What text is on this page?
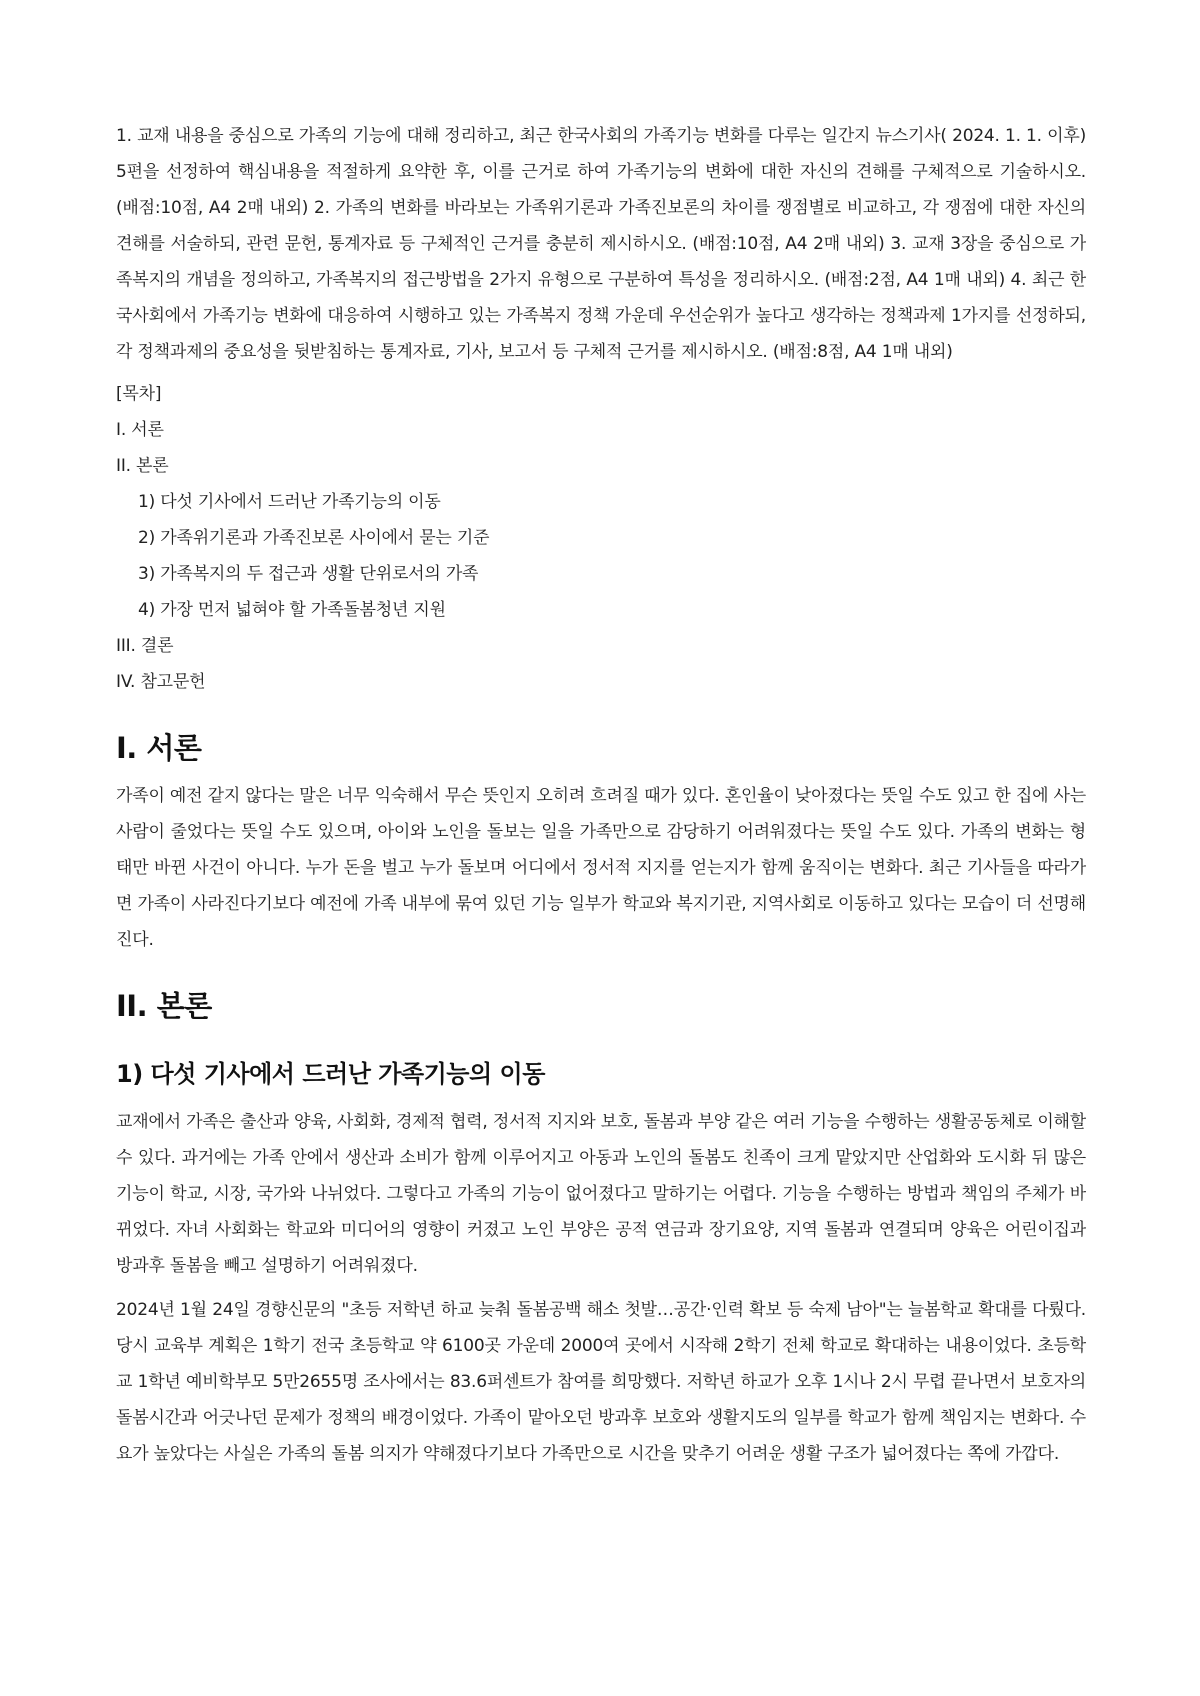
1. 교재 내용을 중심으로 가족의 기능에 대해 정리하고, 최근 한국사회의 가족기능 변화를 다루는 일간지 뉴스기사( 2024. 1. 1. 이후) 5편을 선정하여 핵심내용을 적절하게 요약한 후, 이를 근거로 하여 가족기능의 변화에 대한 자신의 견해를 구체적으로 기술하시오. (배점:10점, A4 2매 내외) 2. 가족의 변화를 바라보는 가족위기론과 가족진보론의 차이를 쟁점별로 비교하고, 각 쟁점에 대한 자신의 견해를 서술하되, 관련 문헌, 통계자료 등 구체적인 근거를 충분히 제시하시오. (배점:10점, A4 2매 내외) 3. 교재 3장을 중심으로 가족복지의 개념을 정의하고, 가족복지의 접근방법을 2가지 유형으로 구분하여 특성을 정리하시오. (배점:2점, A4 1매 내외) 4. 최근 한국사회에서 가족기능 변화에 대응하여 시행하고 있는 가족복지 정책 가운데 우선순위가 높다고 생각하는 정책과제 1가지를 선정하되, 각 정책과제의 중요성을 뒷받침하는 통계자료, 기사, 보고서 등 구체적 근거를 제시하시오. (배점:8점, A4 1매 내외)

[목차]

I. 서론

II. 본론

1) 다섯 기사에서 드러난 가족기능의 이동

2) 가족위기론과 가족진보론 사이에서 묻는 기준

3) 가족복지의 두 접근과 생활 단위로서의 가족

4) 가장 먼저 넓혀야 할 가족돌봄청년 지원

III. 결론

IV. 참고문헌

I. 서론

가족이 예전 같지 않다는 말은 너무 익숙해서 무슨 뜻인지 오히려 흐려질 때가 있다. 혼인율이 낮아졌다는 뜻일 수도 있고 한 집에 사는 사람이 줄었다는 뜻일 수도 있으며, 아이와 노인을 돌보는 일을 가족만으로 감당하기 어려워졌다는 뜻일 수도 있다. 가족의 변화는 형태만 바뀐 사건이 아니다. 누가 돈을 벌고 누가 돌보며 어디에서 정서적 지지를 얻는지가 함께 움직이는 변화다. 최근 기사들을 따라가면 가족이 사라진다기보다 예전에 가족 내부에 묶여 있던 기능 일부가 학교와 복지기관, 지역사회로 이동하고 있다는 모습이 더 선명해진다.

II. 본론
1) 다섯 기사에서 드러난 가족기능의 이동

교재에서 가족은 출산과 양육, 사회화, 경제적 협력, 정서적 지지와 보호, 돌봄과 부양 같은 여러 기능을 수행하는 생활공동체로 이해할 수 있다. 과거에는 가족 안에서 생산과 소비가 함께 이루어지고 아동과 노인의 돌봄도 친족이 크게 맡았지만 산업화와 도시화 뒤 많은 기능이 학교, 시장, 국가와 나뉘었다. 그렇다고 가족의 기능이 없어졌다고 말하기는 어렵다. 기능을 수행하는 방법과 책임의 주체가 바뀌었다. 자녀 사회화는 학교와 미디어의 영향이 커졌고 노인 부양은 공적 연금과 장기요양, 지역 돌봄과 연결되며 양육은 어린이집과 방과후 돌봄을 빼고 설명하기 어려워졌다.

2024년 1월 24일 경향신문의 "초등 저학년 하교 늦춰 돌봄공백 해소 첫발…공간·인력 확보 등 숙제 남아"는 늘봄학교 확대를 다뤘다. 당시 교육부 계획은 1학기 전국 초등학교 약 6100곳 가운데 2000여 곳에서 시작해 2학기 전체 학교로 확대하는 내용이었다. 초등학교 1학년 예비학부모 5만2655명 조사에서는 83.6퍼센트가 참여를 희망했다. 저학년 하교가 오후 1시나 2시 무렵 끝나면서 보호자의 돌봄시간과 어긋나던 문제가 정책의 배경이었다. 가족이 맡아오던 방과후 보호와 생활지도의 일부를 학교가 함께 책임지는 변화다. 수요가 높았다는 사실은 가족의 돌봄 의지가 약해졌다기보다 가족만으로 시간을 맞추기 어려운 생활 구조가 넓어졌다는 쪽에 가깝다.
